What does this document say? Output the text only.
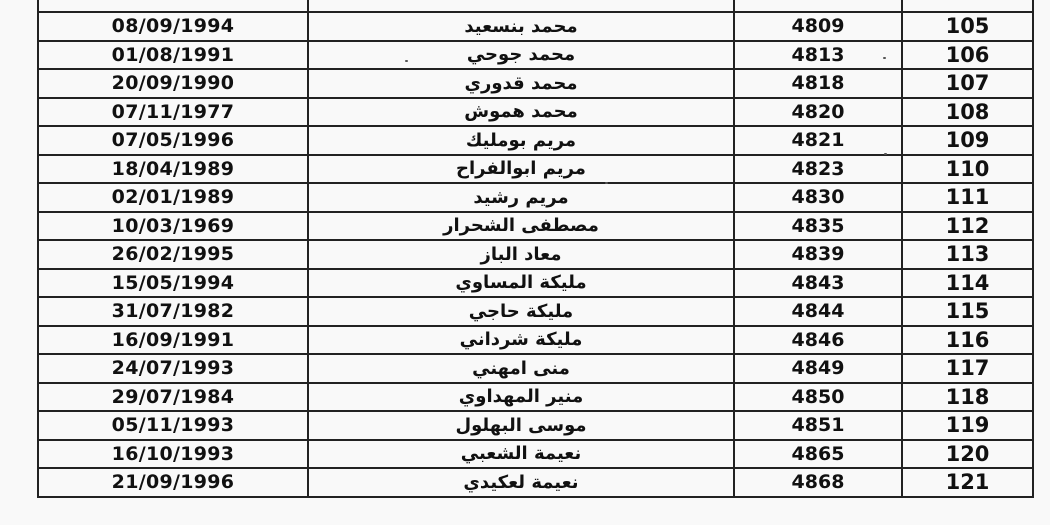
08/09/1994	محمد بنسعيد	4809	105
01/08/1991	محمد جوحي	4813	106
20/09/1990	محمد قدوري	4818	107
07/11/1977	محمد هموش	4820	108
07/05/1996	مريم بومليك	4821	109
18/04/1989	مريم ابوالفراح	4823	110
02/01/1989	مريم رشيد	4830	111
10/03/1969	مصطفى الشحرار	4835	112
26/02/1995	معاد الباز	4839	113
15/05/1994	مليكة المساوي	4843	114
31/07/1982	مليكة حاجي	4844	115
16/09/1991	مليكة شرداني	4846	116
24/07/1993	منى امهني	4849	117
29/07/1984	منير المهداوي	4850	118
05/11/1993	موسى البهلول	4851	119
16/10/1993	نعيمة الشعبي	4865	120
21/09/1996	نعيمة لعكيدي	4868	121
